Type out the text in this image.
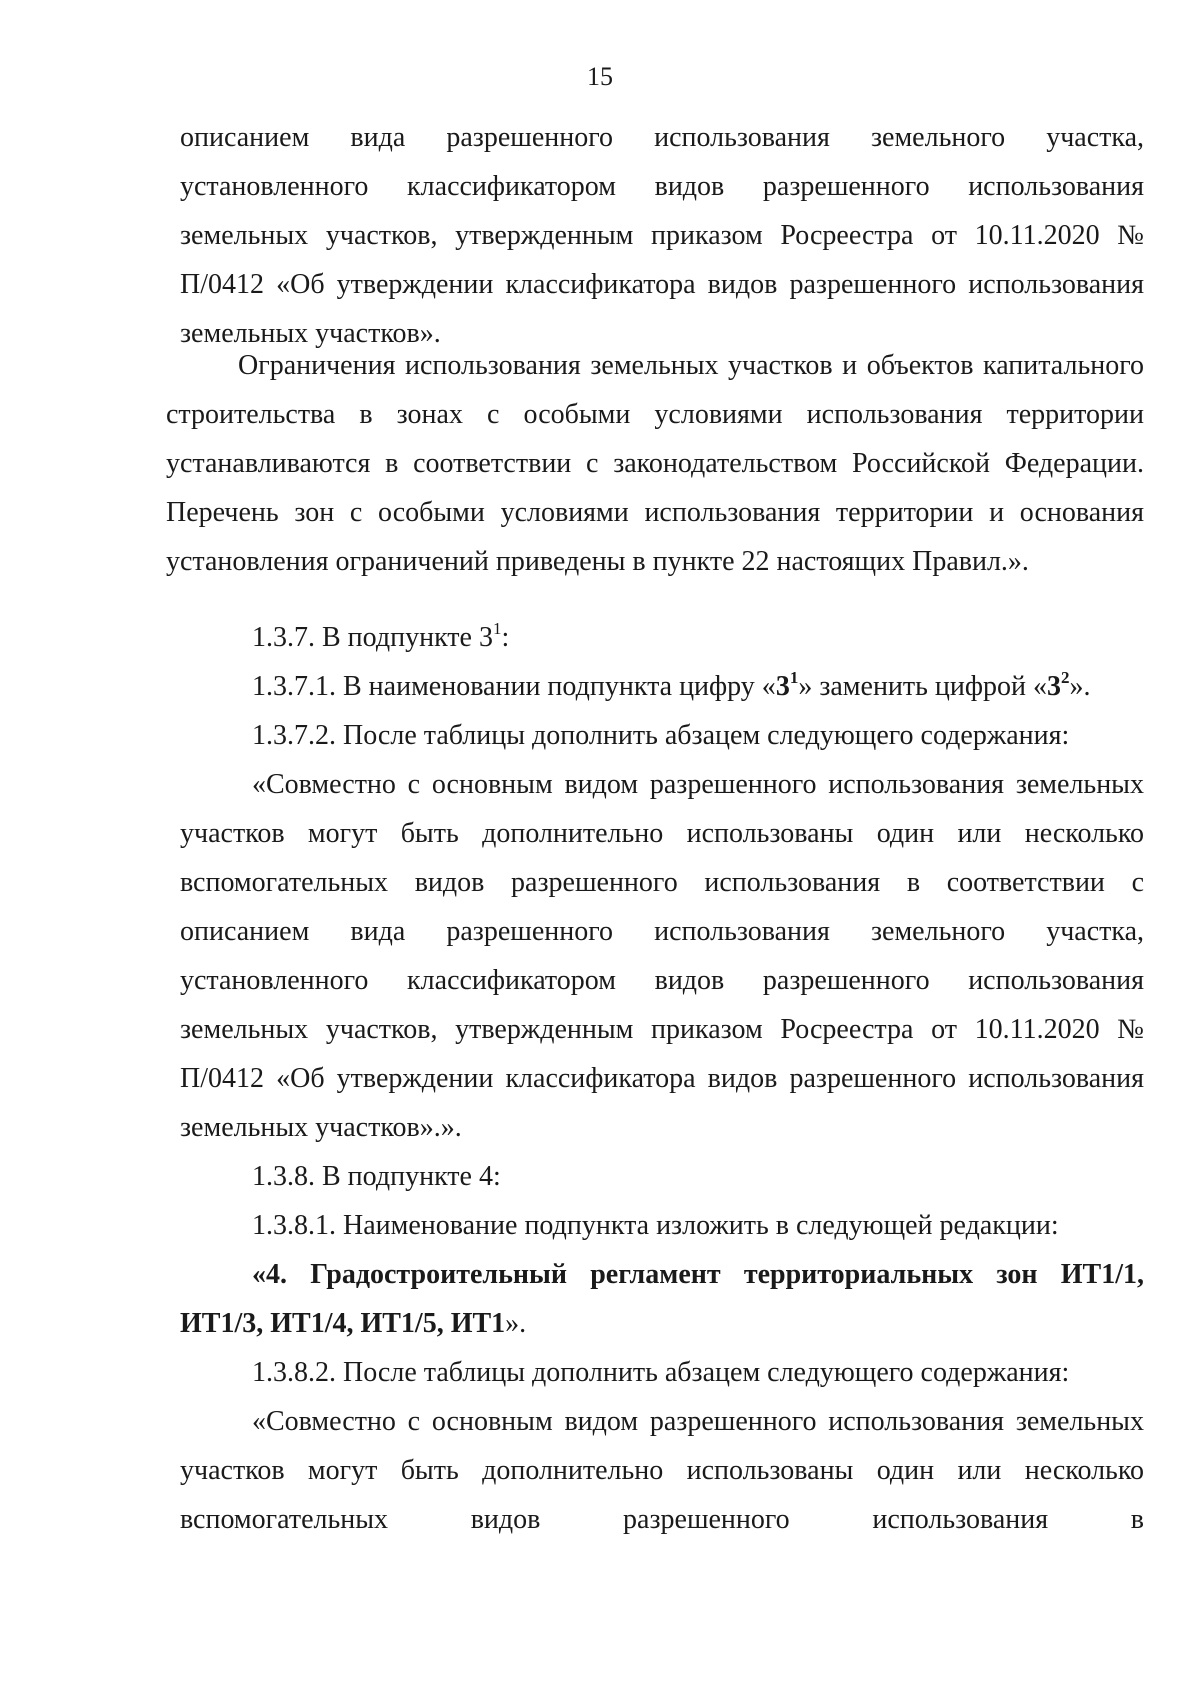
15

описанием вида разрешенного использования земельного участка, установленного классификатором видов разрешенного использования земельных участков, утвержденным приказом Росреестра от 10.11.2020 № П/0412 «Об утверждении классификатора видов разрешенного использования земельных участков».

Ограничения использования земельных участков и объектов капитального строительства в зонах с особыми условиями использования территории устанавливаются в соответствии с законодательством Российской Федерации. Перечень зон с особыми условиями использования территории и основания установления ограничений приведены в пункте 22 настоящих Правил.».

1.3.7. В подпункте $3^1$:

1.3.7.1. В наименовании подпункта цифру «$3^1$» заменить цифрой «$3^2$».

1.3.7.2. После таблицы дополнить абзацем следующего содержания:

«Совместно с основным видом разрешенного использования земельных участков могут быть дополнительно использованы один или несколько вспомогательных видов разрешенного использования в соответствии с описанием вида разрешенного использования земельного участка, установленного классификатором видов разрешенного использования земельных участков, утвержденным приказом Росреестра от 10.11.2020 № П/0412 «Об утверждении классификатора видов разрешенного использования земельных участков».».

1.3.8. В подпункте 4:

1.3.8.1. Наименование подпункта изложить в следующей редакции:

«4. Градостроительный регламент территориальных зон ИТ1/1, ИТ1/3, ИТ1/4, ИТ1/5, ИТ1».

1.3.8.2. После таблицы дополнить абзацем следующего содержания:

«Совместно с основным видом разрешенного использования земельных участков могут быть дополнительно использованы один или несколько вспомогательных видов разрешенного использования в
